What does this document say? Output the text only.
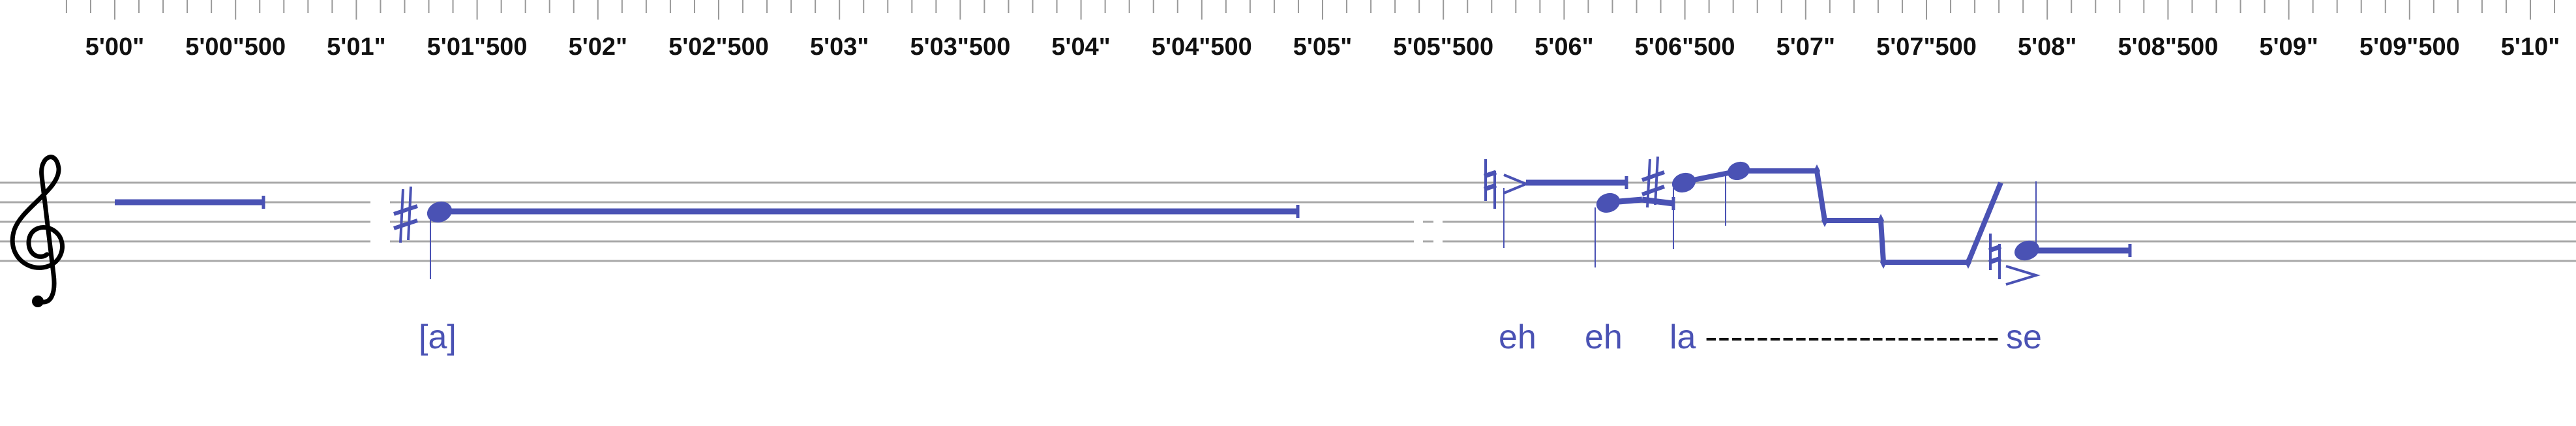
5'00" 5'00"500 5'01" 5'01"500 5'02" 5'02"500 5'03" 5'03"500 5'04" 5'04"500 5'05" 5'05"500 5'06" 5'06"500 5'07" 5'07"500 5'08" 5'08"500 5'09" 5'09"500 5'10"
[a]	eh eh la ----------------------- se
